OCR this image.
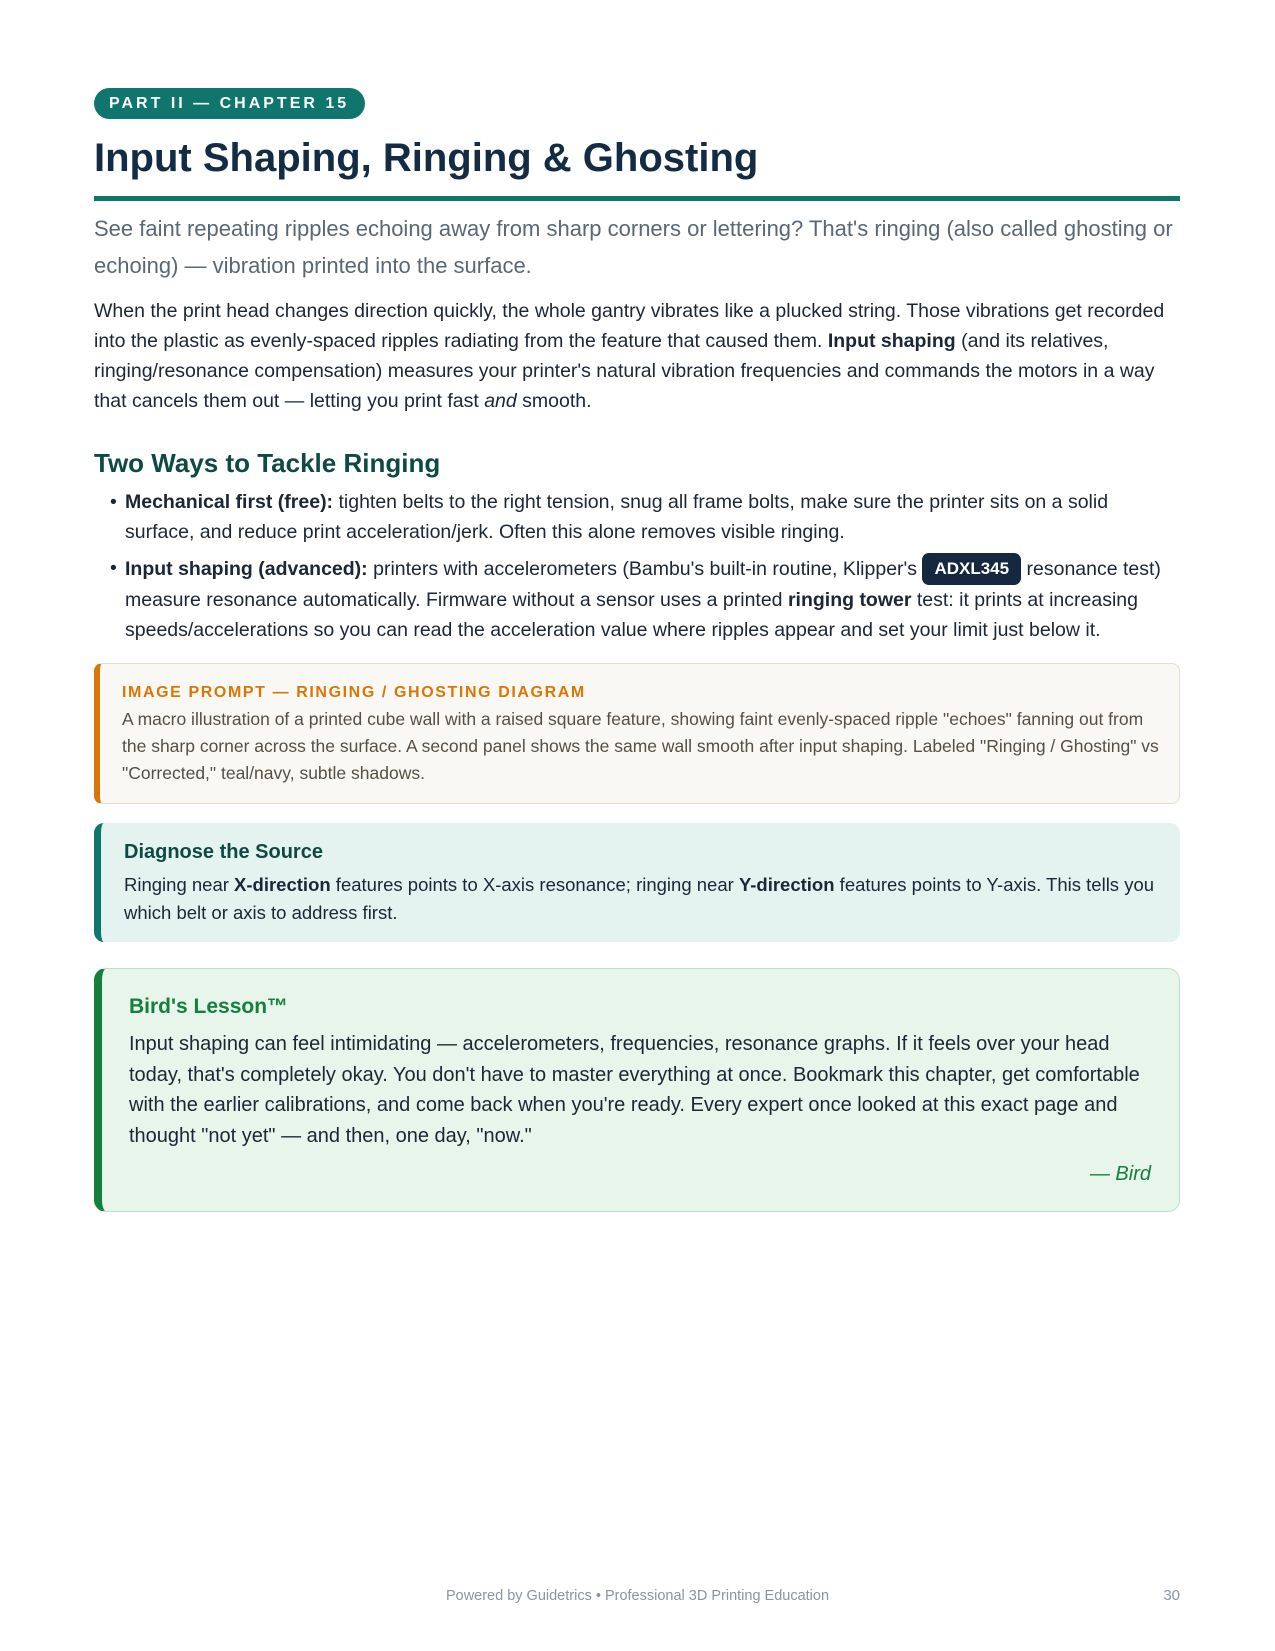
PART II — CHAPTER 15
Input Shaping, Ringing & Ghosting

See faint repeating ripples echoing away from sharp corners or lettering? That's ringing (also called ghosting or echoing) — vibration printed into the surface.

When the print head changes direction quickly, the whole gantry vibrates like a plucked string. Those vibrations get recorded into the plastic as evenly-spaced ripples radiating from the feature that caused them. Input shaping (and its relatives, ringing/resonance compensation) measures your printer's natural vibration frequencies and commands the motors in a way that cancels them out — letting you print fast and smooth.

Two Ways to Tackle Ringing
• Mechanical first (free): tighten belts to the right tension, snug all frame bolts, make sure the printer sits on a solid surface, and reduce print acceleration/jerk. Often this alone removes visible ringing.
• Input shaping (advanced): printers with accelerometers (Bambu's built-in routine, Klipper's ADXL345 resonance test) measure resonance automatically. Firmware without a sensor uses a printed ringing tower test: it prints at increasing speeds/accelerations so you can read the acceleration value where ripples appear and set your limit just below it.
IMAGE PROMPT — RINGING / GHOSTING DIAGRAM
A macro illustration of a printed cube wall with a raised square feature, showing faint evenly-spaced ripple "echoes" fanning out from the sharp corner across the surface. A second panel shows the same wall smooth after input shaping. Labeled "Ringing / Ghosting" vs "Corrected," teal/navy, subtle shadows.
Diagnose the Source
Ringing near X-direction features points to X-axis resonance; ringing near Y-direction features points to Y-axis. This tells you which belt or axis to address first.
Bird's Lesson™
Input shaping can feel intimidating — accelerometers, frequencies, resonance graphs. If it feels over your head today, that's completely okay. You don't have to master everything at once. Bookmark this chapter, get comfortable with the earlier calibrations, and come back when you're ready. Every expert once looked at this exact page and thought "not yet" — and then, one day, "now."
— Bird
Powered by Guidetrics • Professional 3D Printing Education	30
